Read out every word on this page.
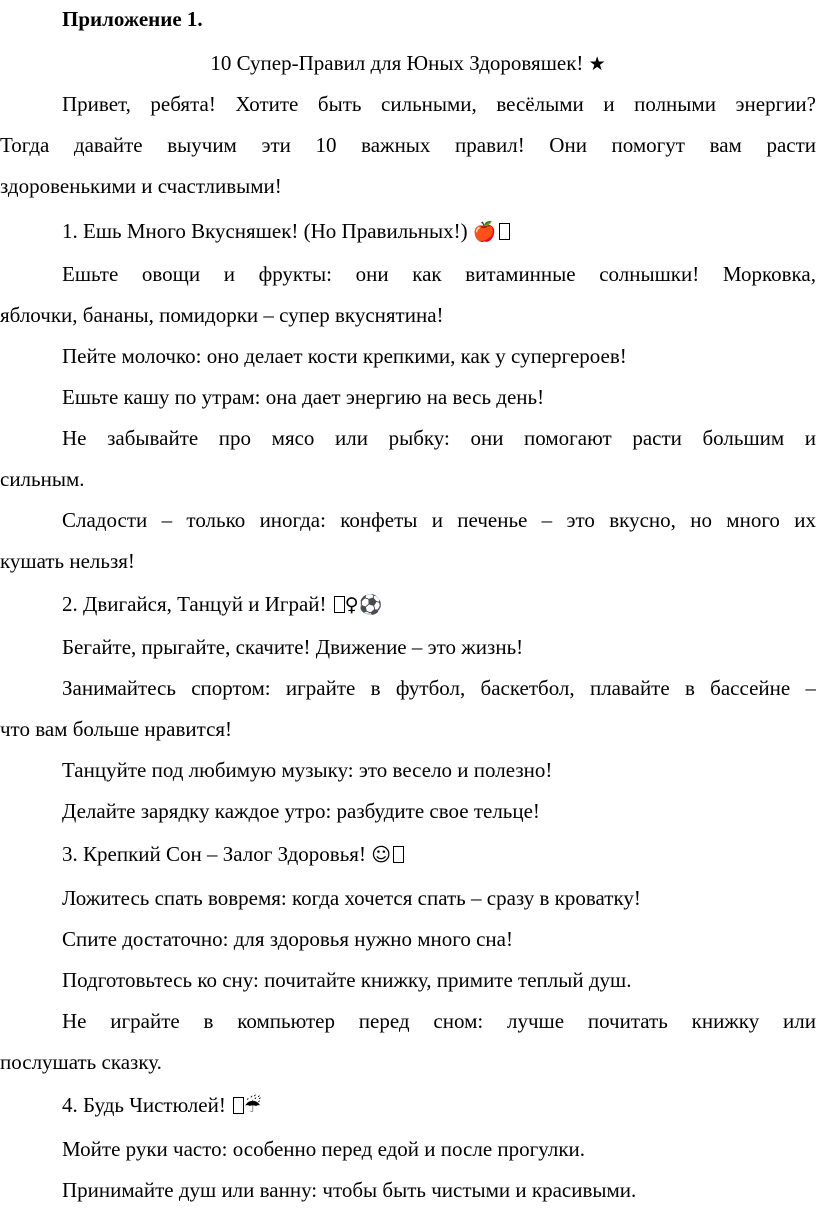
Приложение 1.
10 Супер-Правил для Юных Здоровяшек! ★
Привет, ребята! Хотите быть сильными, весёлыми и полными энергии?
Тогда давайте выучим эти 10 важных правил! Они помогут вам расти
здоровенькими и счастливыми!
1. Ешь Много Вкусняшек! (Но Правильных!) 🍎
Ешьте овощи и фрукты: они как витаминные солнышки! Морковка,
яблочки, бананы, помидорки – супер вкуснятина!
Пейте молочко: оно делает кости крепкими, как у супергероев!
Ешьте кашу по утрам: она дает энергию на весь день!
Не забывайте про мясо или рыбку: они помогают расти большим и
сильным.
Сладости – только иногда: конфеты и печенье – это вкусно, но много их
кушать нельзя!
2. Двигайся, Танцуй и Играй! ♀⚽
Бегайте, прыгайте, скачите! Движение – это жизнь!
Занимайтесь спортом: играйте в футбол, баскетбол, плавайте в бассейне –
что вам больше нравится!
Танцуйте под любимую музыку: это весело и полезно!
Делайте зарядку каждое утро: разбудите свое тельце!
3. Крепкий Сон – Залог Здоровья! ☺
Ложитесь спать вовремя: когда хочется спать – сразу в кроватку!
Спите достаточно: для здоровья нужно много сна!
Подготовьтесь ко сну: почитайте книжку, примите теплый душ.
Не играйте в компьютер перед сном: лучше почитать книжку или
послушать сказку.
4. Будь Чистюлей! ☔
Мойте руки часто: особенно перед едой и после прогулки.
Принимайте душ или ванну: чтобы быть чистыми и красивыми.
